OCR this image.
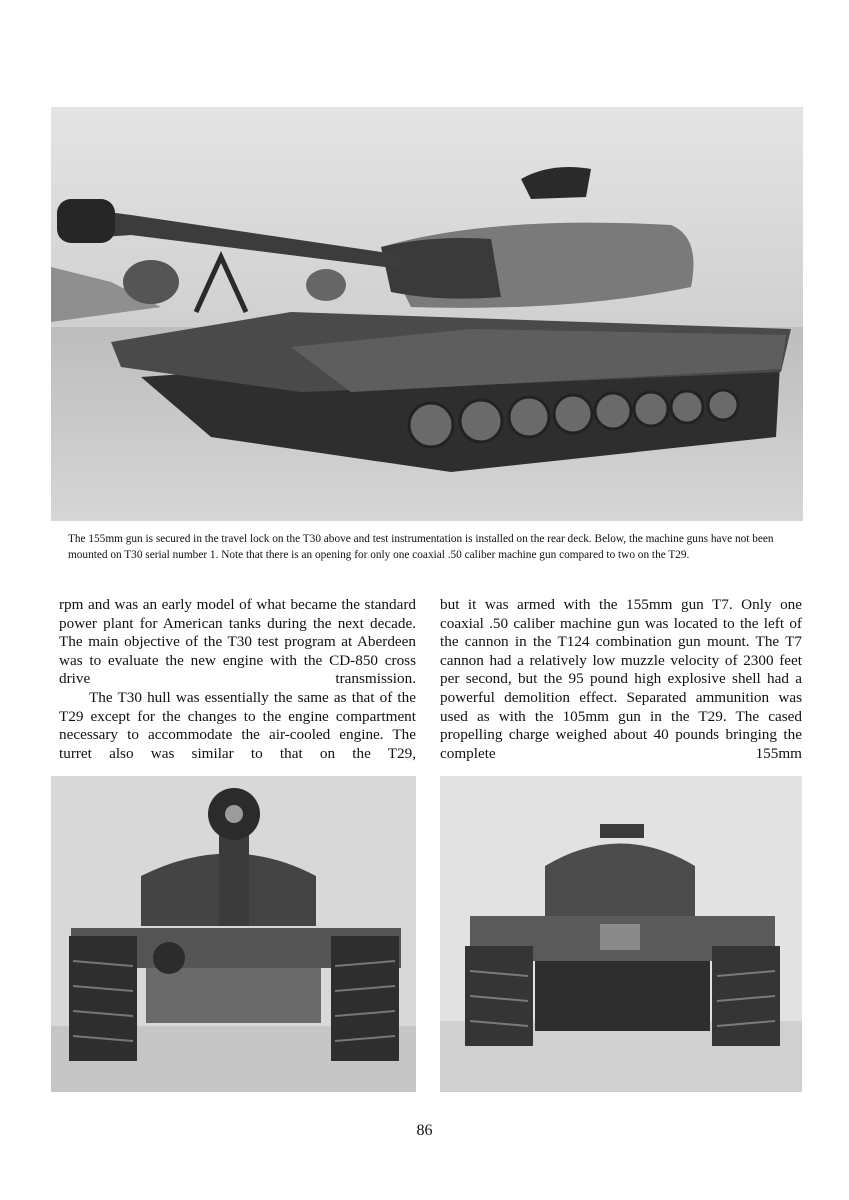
The 155mm gun is secured in the travel lock on the T30 above and test instrumentation is installed on the rear deck. Below, the machine guns have not been mounted on T30 serial number 1. Note that there is an opening for only one coaxial .50 caliber machine gun compared to two on the T29.

rpm and was an early model of what became the standard power plant for American tanks during the next decade. The main objective of the T30 test program at Aberdeen was to evaluate the new engine with the CD-850 cross drive transmission.

The T30 hull was essentially the same as that of the T29 except for the changes to the engine compartment necessary to accommodate the air-cooled engine. The turret also was similar to that on the T29,

but it was armed with the 155mm gun T7. Only one coaxial .50 caliber machine gun was located to the left of the cannon in the T124 combination gun mount. The T7 cannon had a relatively low muzzle velocity of 2300 feet per second, but the 95 pound high explosive shell had a powerful demolition effect. Separated ammunition was used as with the 105mm gun in the T29. The cased propelling charge weighed about 40 pounds bringing the complete 155mm

86
